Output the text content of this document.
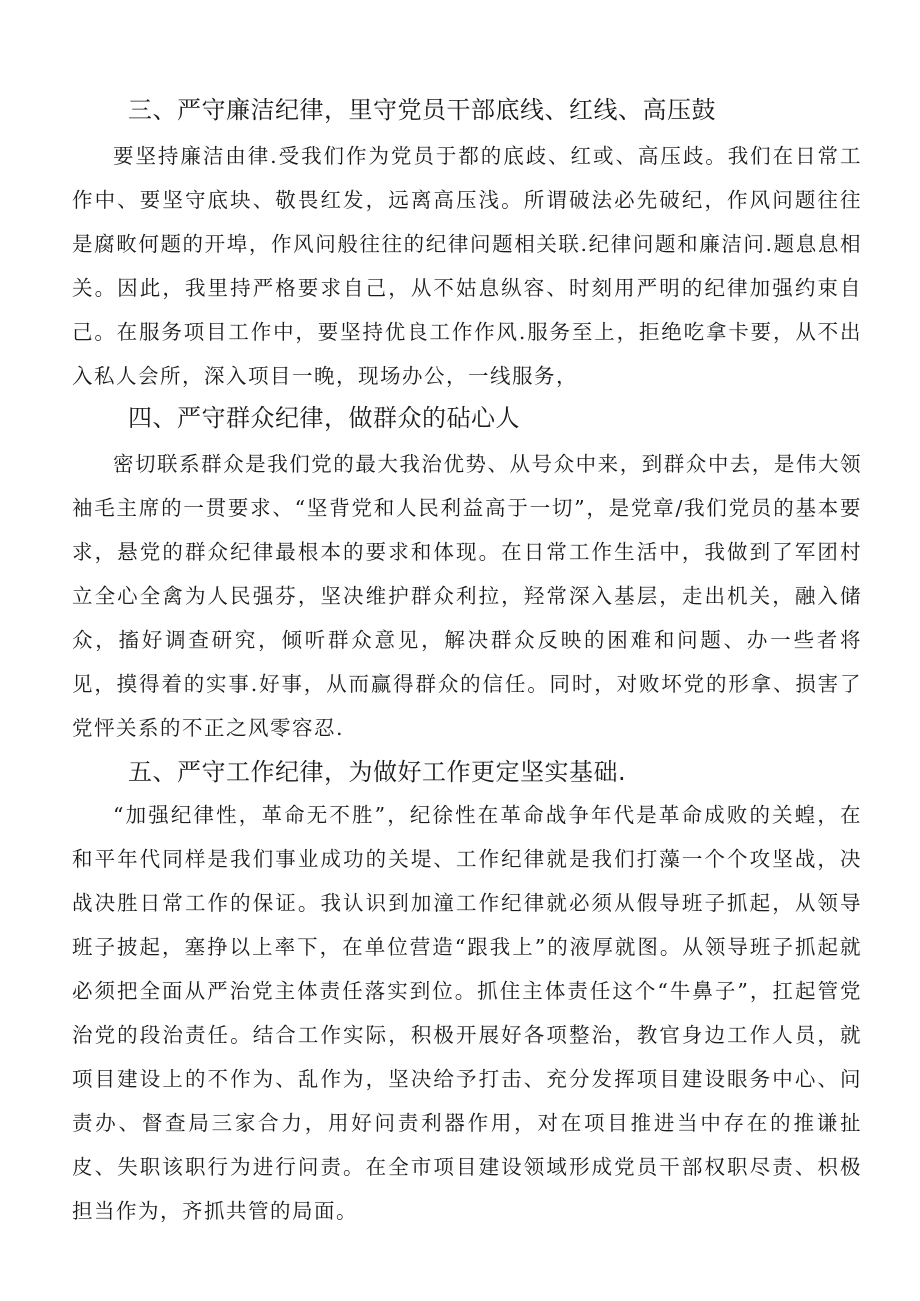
三、严守廉洁纪律，里守党员干部底线、红线、高压鼓
要坚持廉洁由律.受我们作为党员于都的底歧、红或、高压歧。我们在日常工作中、要坚守底块、敬畏红发，远离高压浅。所谓破法必先破纪，作风问题往往是腐畋何题的开埠，作风问般往往的纪律问题相关联.纪律问题和廉洁问.题息息相关。因此，我里持严格要求自己，从不姑息纵容、时刻用严明的纪律加强约束自己。在服务项目工作中，要坚持优良工作作风.服务至上，拒绝吃拿卡要，从不出入私人会所，深入项目一晚，现场办公，一线服务，
四、严守群众纪律，做群众的砧心人
密切联系群众是我们党的最大我治优势、从号众中来，到群众中去，是伟大领袖毛主席的一贯要求、“坚背党和人民利益高于一切”，是党章/我们党员的基本要求，悬党的群众纪律最根本的要求和体现。在日常工作生活中，我做到了军团村立全心全禽为人民强芬，坚决维护群众利拉，羟常深入基层，走出机关，融入储众，搐好调查研究，倾听群众意见，解决群众反映的困难和问题、办一些者将见，摸得着的实事.好事，从而赢得群众的信任。同时，对败坏党的形拿、损害了党怦关系的不正之风零容忍.
五、严守工作纪律，为做好工作更定坚实基础.
“加强纪律性，革命无不胜”，纪徐性在革命战争年代是革命成败的关蝗，在和平年代同样是我们事业成功的关堤、工作纪律就是我们打藻一个个攻坚战，决战决胜日常工作的保证。我认识到加潼工作纪律就必须从假导班子抓起，从领导班子披起，塞挣以上率下，在单位营造“跟我上”的液厚就图。从领导班子抓起就必须把全面从严治党主体责任落实到位。抓住主体责任这个“牛鼻子”，扛起管党治党的段治责任。结合工作实际，积极开展好各项整治，教官身边工作人员，就项目建设上的不作为、乱作为，坚决给予打击、充分发挥项目建设眼务中心、问责办、督查局三家合力，用好问责利器作用，对在项目推进当中存在的推谦扯皮、失职该职行为进行问责。在全市项目建设领域形成党员干部权职尽责、枳极担当作为，齐抓共管的局面。
